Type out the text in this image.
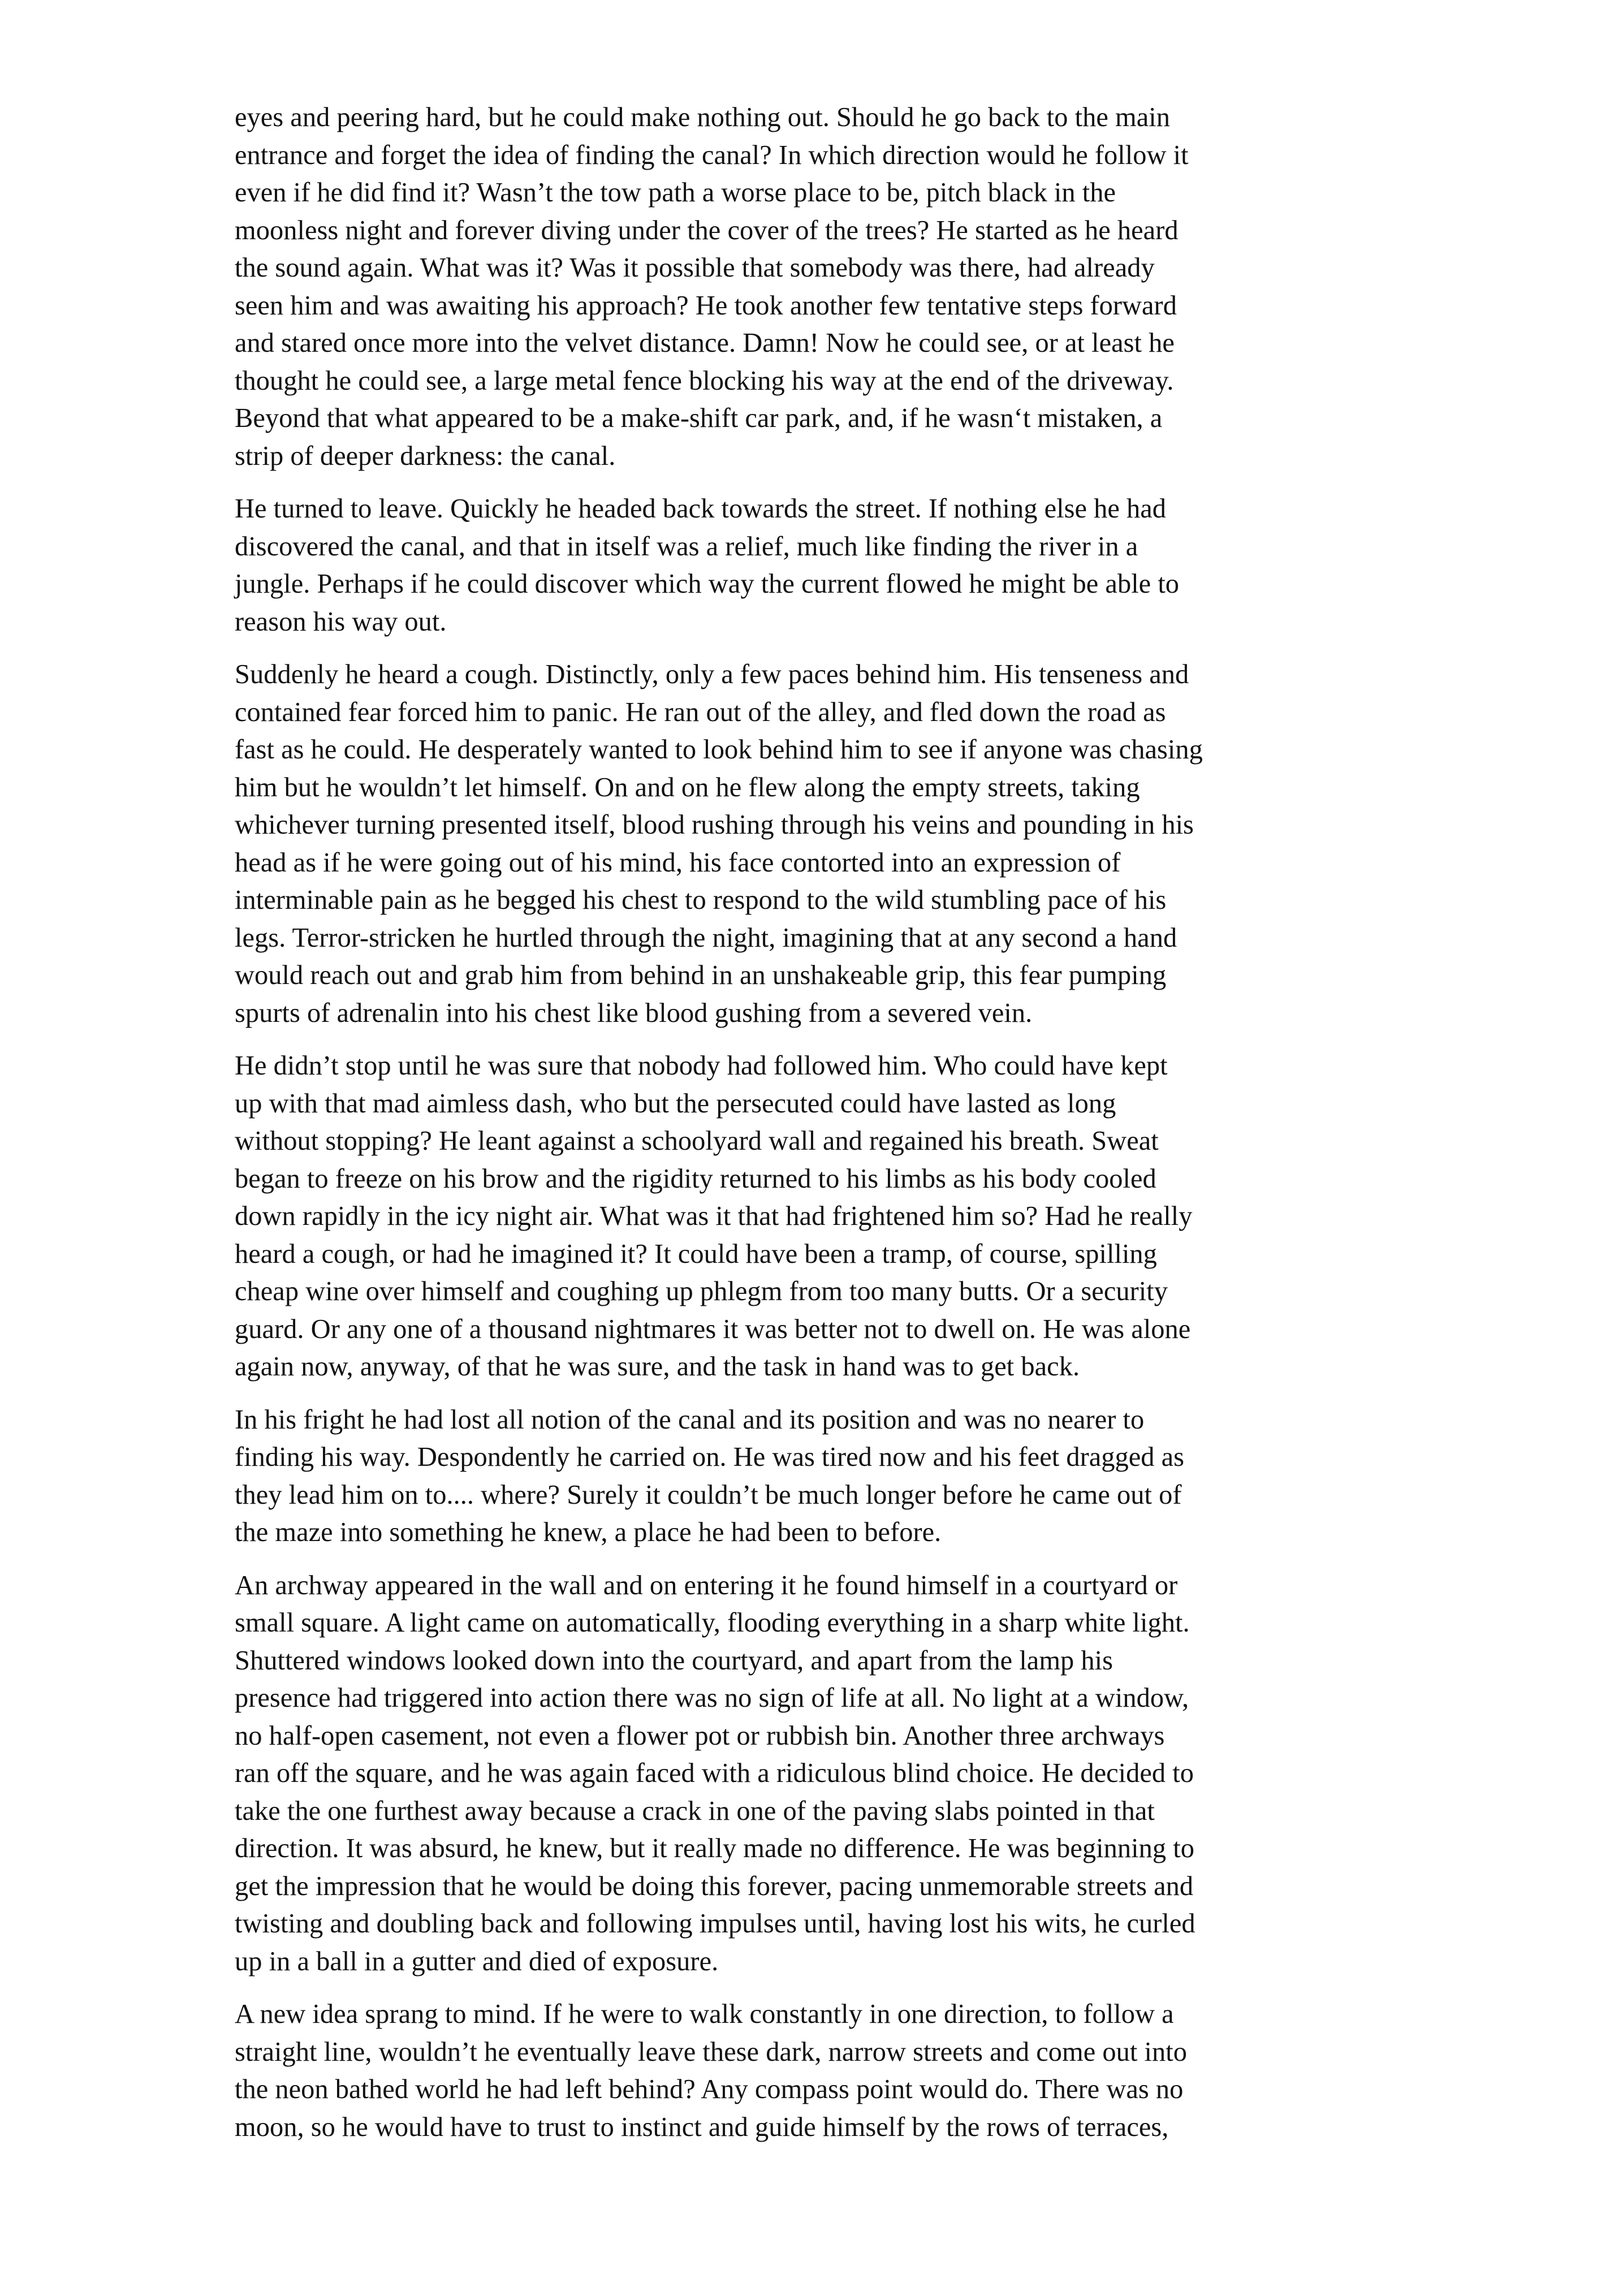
eyes and peering hard, but he could make nothing out. Should he go back to the main
entrance and forget the idea of finding the canal? In which direction would he follow it
even if he did find it? Wasn’t the tow path a worse place to be, pitch black in the
moonless night and forever diving under the cover of the trees? He started as he heard
the sound again. What was it? Was it possible that somebody was there, had already
seen him and was awaiting his approach? He took another few tentative steps forward
and stared once more into the velvet distance. Damn! Now he could see, or at least he
thought he could see, a large metal fence blocking his way at the end of the driveway.
Beyond that what appeared to be a make-shift car park, and, if he wasn‘t mistaken, a
strip of deeper darkness: the canal.
He turned to leave. Quickly he headed back towards the street. If nothing else he had
discovered the canal, and that in itself was a relief, much like finding the river in a
jungle. Perhaps if he could discover which way the current flowed he might be able to
reason his way out.
Suddenly he heard a cough. Distinctly, only a few paces behind him. His tenseness and
contained fear forced him to panic. He ran out of the alley, and fled down the road as
fast as he could. He desperately wanted to look behind him to see if anyone was chasing
him but he wouldn’t let himself. On and on he flew along the empty streets, taking
whichever turning presented itself, blood rushing through his veins and pounding in his
head as if he were going out of his mind, his face contorted into an expression of
interminable pain as he begged his chest to respond to the wild stumbling pace of his
legs. Terror-stricken he hurtled through the night, imagining that at any second a hand
would reach out and grab him from behind in an unshakeable grip, this fear pumping
spurts of adrenalin into his chest like blood gushing from a severed vein.
He didn’t stop until he was sure that nobody had followed him. Who could have kept
up with that mad aimless dash, who but the persecuted could have lasted as long
without stopping? He leant against a schoolyard wall and regained his breath. Sweat
began to freeze on his brow and the rigidity returned to his limbs as his body cooled
down rapidly in the icy night air. What was it that had frightened him so? Had he really
heard a cough, or had he imagined it? It could have been a tramp, of course, spilling
cheap wine over himself and coughing up phlegm from too many butts. Or a security
guard. Or any one of a thousand nightmares it was better not to dwell on. He was alone
again now, anyway, of that he was sure, and the task in hand was to get back.
In his fright he had lost all notion of the canal and its position and was no nearer to
finding his way. Despondently he carried on. He was tired now and his feet dragged as
they lead him on to.... where? Surely it couldn’t be much longer before he came out of
the maze into something he knew, a place he had been to before.
An archway appeared in the wall and on entering it he found himself in a courtyard or
small square. A light came on automatically, flooding everything in a sharp white light.
Shuttered windows looked down into the courtyard, and apart from the lamp his
presence had triggered into action there was no sign of life at all. No light at a window,
no half-open casement, not even a flower pot or rubbish bin. Another three archways
ran off the square, and he was again faced with a ridiculous blind choice. He decided to
take the one furthest away because a crack in one of the paving slabs pointed in that
direction. It was absurd, he knew, but it really made no difference. He was beginning to
get the impression that he would be doing this forever, pacing unmemorable streets and
twisting and doubling back and following impulses until, having lost his wits, he curled
up in a ball in a gutter and died of exposure.
A new idea sprang to mind. If he were to walk constantly in one direction, to follow a
straight line, wouldn’t he eventually leave these dark, narrow streets and come out into
the neon bathed world he had left behind? Any compass point would do. There was no
moon, so he would have to trust to instinct and guide himself by the rows of terraces,
